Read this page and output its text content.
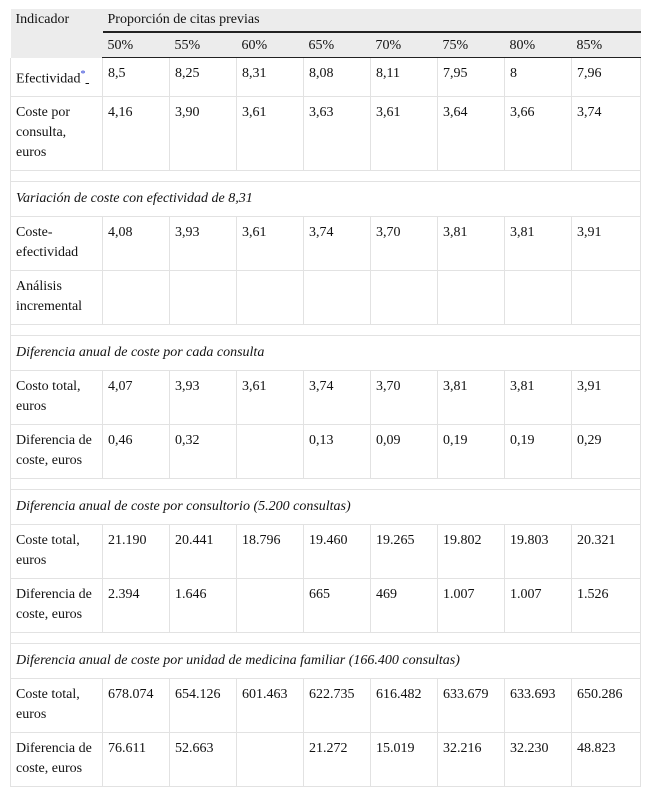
Indicador	Proporción de citas previas							
	50%	55%	60%	65%	70%	75%	80%	85%
Efectividad*	8,5	8,25	8,31	8,08	8,11	7,95	8	7,96
Coste por consulta, euros	4,16	3,90	3,61	3,63	3,61	3,64	3,66	3,74

Variación de coste con efectividad de 8,31								
Coste-efectividad	4,08	3,93	3,61	3,74	3,70	3,81	3,81	3,91
Análisis incremental								

Diferencia anual de coste por cada consulta								
Costo total, euros	4,07	3,93	3,61	3,74	3,70	3,81	3,81	3,91
Diferencia de coste, euros	0,46	0,32		0,13	0,09	0,19	0,19	0,29

Diferencia anual de coste por consultorio (5.200 consultas)								
Coste total, euros	21.190	20.441	18.796	19.460	19.265	19.802	19.803	20.321
Diferencia de coste, euros	2.394	1.646		665	469	1.007	1.007	1.526

Diferencia anual de coste por unidad de medicina familiar (166.400 consultas)								
Coste total, euros	678.074	654.126	601.463	622.735	616.482	633.679	633.693	650.286
Diferencia de coste, euros	76.611	52.663		21.272	15.019	32.216	32.230	48.823
